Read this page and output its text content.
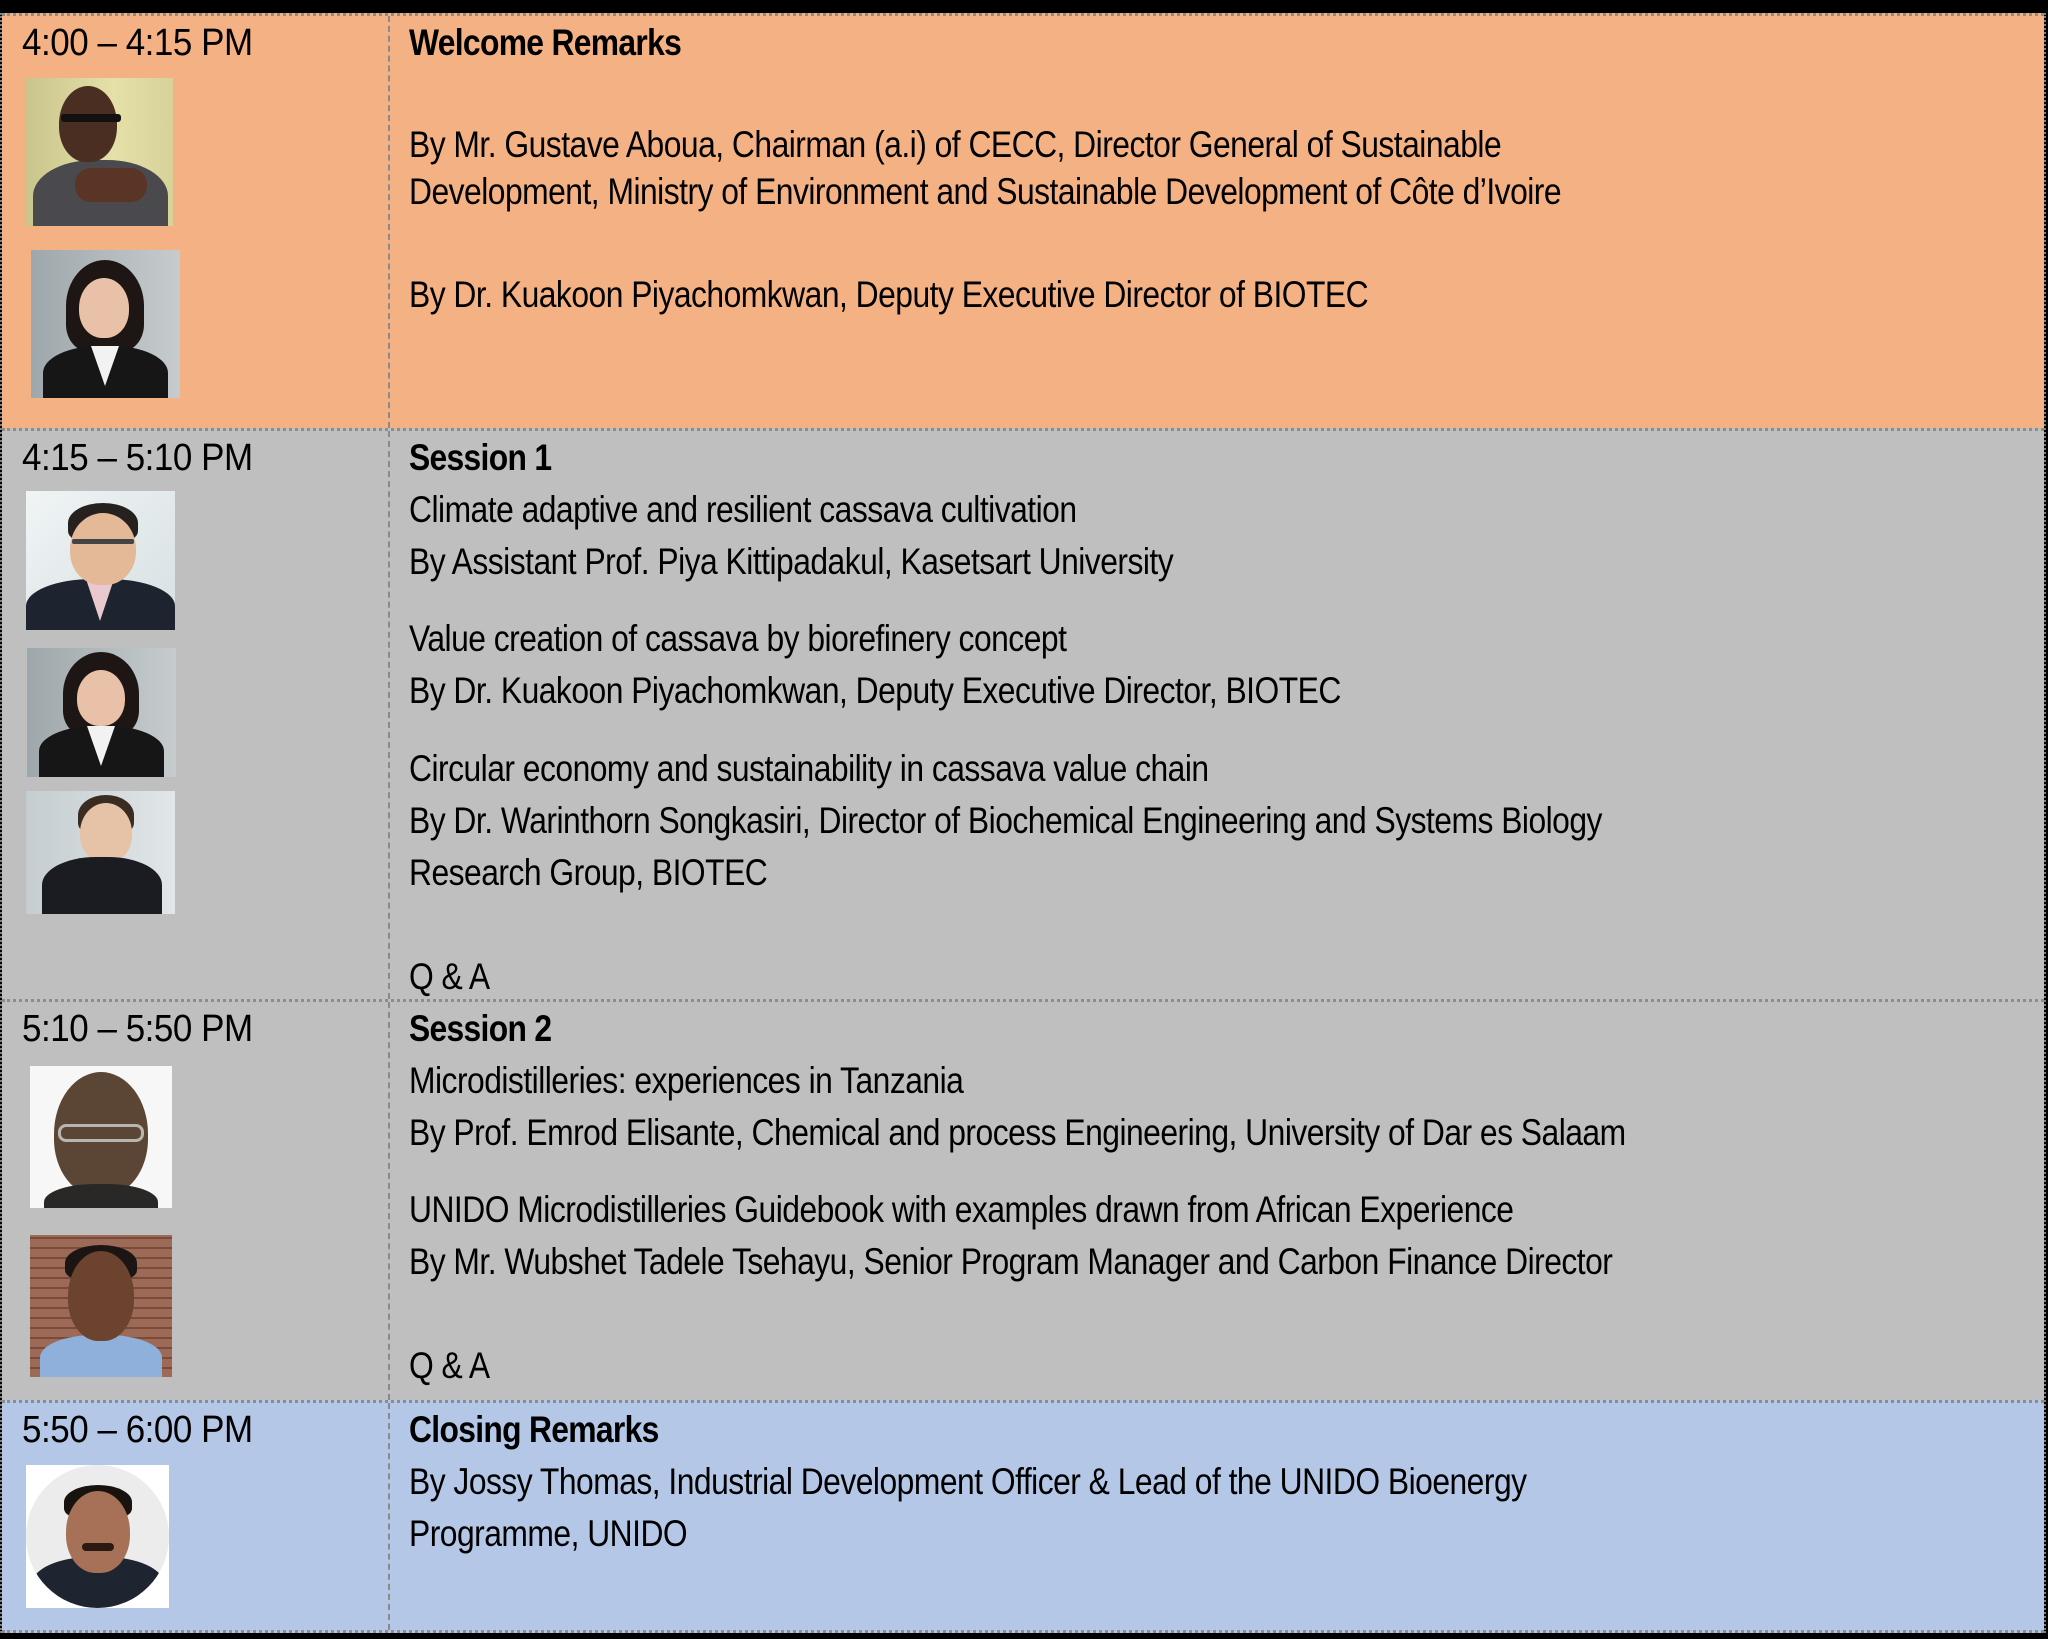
4:00 – 4:15 PM	Welcome Remarks
By Mr. Gustave Aboua, Chairman (a.i) of CECC, Director General of Sustainable
Development, Ministry of Environment and Sustainable Development of Côte d’Ivoire
By Dr. Kuakoon Piyachomkwan, Deputy Executive Director of BIOTEC
4:15 – 5:10 PM	Session 1
Climate adaptive and resilient cassava cultivation
By Assistant Prof. Piya Kittipadakul, Kasetsart University
Value creation of cassava by biorefinery concept
By Dr. Kuakoon Piyachomkwan, Deputy Executive Director, BIOTEC
Circular economy and sustainability in cassava value chain
By Dr. Warinthorn Songkasiri, Director of Biochemical Engineering and Systems Biology
Research Group, BIOTEC
Q & A
5:10 – 5:50 PM	Session 2
Microdistilleries: experiences in Tanzania
By Prof. Emrod Elisante, Chemical and process Engineering, University of Dar es Salaam
UNIDO Microdistilleries Guidebook with examples drawn from African Experience
By Mr. Wubshet Tadele Tsehayu, Senior Program Manager and Carbon Finance Director
Q & A
5:50 – 6:00 PM	Closing Remarks
By Jossy Thomas, Industrial Development Officer & Lead of the UNIDO Bioenergy
Programme, UNIDO
